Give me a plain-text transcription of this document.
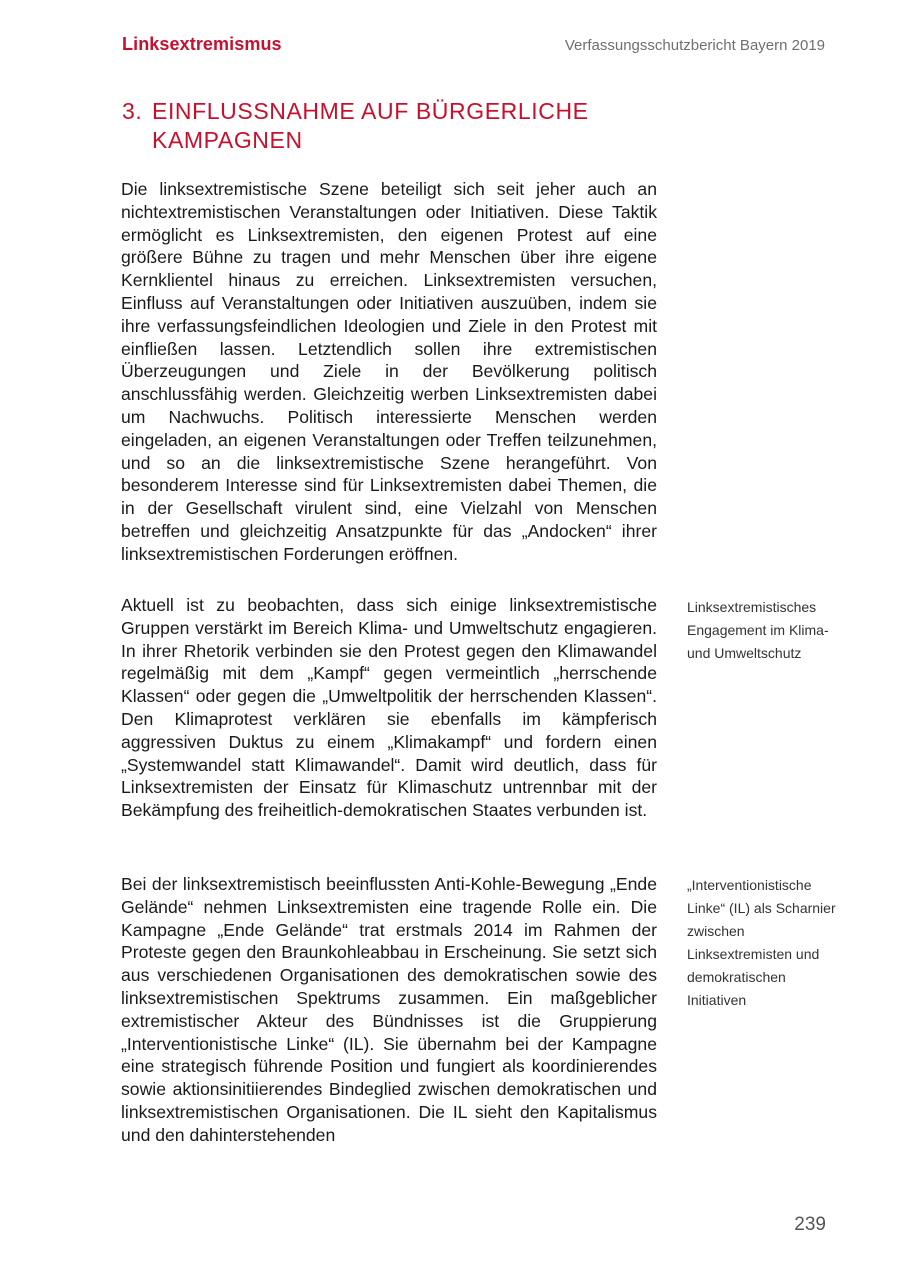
Linksextremismus	Verfassungsschutzbericht Bayern 2019
3. EINFLUSSNAHME AUF BÜRGERLICHE KAMPAGNEN

Die linksextremistische Szene beteiligt sich seit jeher auch an nichtextremistischen Veranstaltungen oder Initiativen. Diese Taktik ermöglicht es Linksextremisten, den eigenen Protest auf eine größere Bühne zu tragen und mehr Menschen über ihre eigene Kernklientel hinaus zu erreichen. Linksextremisten versuchen, Einfluss auf Veranstaltungen oder Initiativen auszuüben, indem sie ihre verfassungsfeindlichen Ideologien und Ziele in den Protest mit einfließen lassen. Letztendlich sollen ihre extremistischen Überzeugungen und Ziele in der Bevölkerung politisch anschlussfähig werden. Gleichzeitig werben Linksextremisten dabei um Nachwuchs. Politisch interessierte Menschen werden eingeladen, an eigenen Veranstaltungen oder Treffen teilzunehmen, und so an die linksextremistische Szene herangeführt. Von besonderem Interesse sind für Linksextremisten dabei Themen, die in der Gesellschaft virulent sind, eine Vielzahl von Menschen betreffen und gleichzeitig Ansatzpunkte für das „Andocken“ ihrer linksextremistischen Forderungen eröffnen.

Aktuell ist zu beobachten, dass sich einige linksextremistische Gruppen verstärkt im Bereich Klima- und Umweltschutz engagieren. In ihrer Rhetorik verbinden sie den Protest gegen den Klimawandel regelmäßig mit dem „Kampf“ gegen vermeintlich „herrschende Klassen“ oder gegen die „Umweltpolitik der herrschenden Klassen“. Den Klimaprotest verklären sie ebenfalls im kämpferisch aggressiven Duktus zu einem „Klimakampf“ und fordern einen „Systemwandel statt Klimawandel“. Damit wird deutlich, dass für Linksextremisten der Einsatz für Klimaschutz untrennbar mit der Bekämpfung des freiheitlich-demokratischen Staates verbunden ist.

Bei der linksextremistisch beeinflussten Anti-Kohle-Bewegung „Ende Gelände“ nehmen Linksextremisten eine tragende Rolle ein. Die Kampagne „Ende Gelände“ trat erstmals 2014 im Rahmen der Proteste gegen den Braunkohleabbau in Erscheinung. Sie setzt sich aus verschiedenen Organisationen des demokratischen sowie des linksextremistischen Spektrums zusammen. Ein maßgeblicher extremistischer Akteur des Bündnisses ist die Gruppierung „Interventionistische Linke“ (IL). Sie übernahm bei der Kampagne eine strategisch führende Position und fungiert als koordinierendes sowie aktionsinitiierendes Bindeglied zwischen demokratischen und linksextremistischen Organisationen. Die IL sieht den Kapitalismus und den dahinterstehenden

Linksextremistisches Engagement im Klima- und Umweltschutz
„Interventionistische Linke“ (IL) als Scharnier zwischen Linksextremisten und demokratischen Initiativen
239
